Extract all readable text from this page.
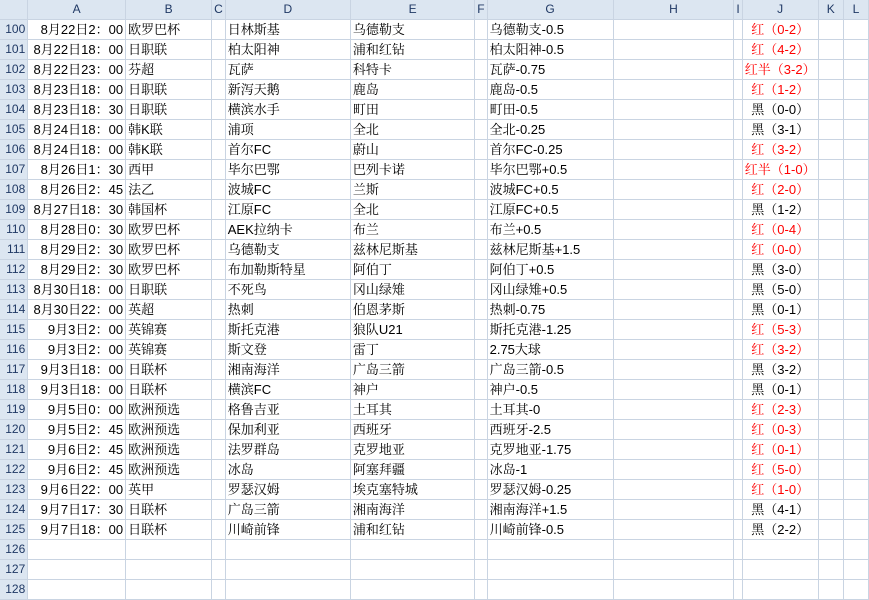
	A	B	C	D	E	F	G	H	I	J	K	L
100	8月22日2：00	欧罗巴杯		日林斯基	乌德勒支		乌德勒支-0.5			红（0-2）		
101	8月22日18：00	日职联		柏太阳神	浦和红钻		柏太阳神-0.5			红（4-2）		
102	8月22日23：00	芬超		瓦萨	科特卡		瓦萨-0.75			红半（3-2）		
103	8月23日18：00	日职联		新泻天鹅	鹿岛		鹿岛-0.5			红（1-2）		
104	8月23日18：30	日职联		横滨水手	町田		町田-0.5			黑（0-0）		
105	8月24日18：00	韩K联		浦项	全北		全北-0.25			黑（3-1）		
106	8月24日18：00	韩K联		首尔FC	蔚山		首尔FC-0.25			红（3-2）		
107	8月26日1：30	西甲		毕尔巴鄂	巴列卡诺		毕尔巴鄂+0.5			红半（1-0）		
108	8月26日2：45	法乙		波城FC	兰斯		波城FC+0.5			红（2-0）		
109	8月27日18：30	韩国杯		江原FC	全北		江原FC+0.5			黑（1-2）		
110	8月28日0：30	欧罗巴杯		AEK拉纳卡	布兰		布兰+0.5			红（0-4）		
111	8月29日2：30	欧罗巴杯		乌德勒支	兹林尼斯基		兹林尼斯基+1.5			红（0-0）		
112	8月29日2：30	欧罗巴杯		布加勒斯特星	阿伯丁		阿伯丁+0.5			黑（3-0）		
113	8月30日18：00	日职联		不死鸟	冈山绿雉		冈山绿雉+0.5			黑（5-0）		
114	8月30日22：00	英超		热刺	伯恩茅斯		热刺-0.75			黑（0-1）		
115	9月3日2：00	英锦赛		斯托克港	狼队U21		斯托克港-1.25			红（5-3）		
116	9月3日2：00	英锦赛		斯文登	雷丁		2.75大球			红（3-2）		
117	9月3日18：00	日联杯		湘南海洋	广岛三箭		广岛三箭-0.5			黑（3-2）		
118	9月3日18：00	日联杯		横滨FC	神户		神户-0.5			黑（0-1）		
119	9月5日0：00	欧洲预选		格鲁吉亚	土耳其		土耳其-0			红（2-3）		
120	9月5日2：45	欧洲预选		保加利亚	西班牙		西班牙-2.5			红（0-3）		
121	9月6日2：45	欧洲预选		法罗群岛	克罗地亚		克罗地亚-1.75			红（0-1）		
122	9月6日2：45	欧洲预选		冰岛	阿塞拜疆		冰岛-1			红（5-0）		
123	9月6日22：00	英甲		罗瑟汉姆	埃克塞特城		罗瑟汉姆-0.25			红（1-0）		
124	9月7日17：30	日联杯		广岛三箭	湘南海洋		湘南海洋+1.5			黑（4-1）		
125	9月7日18：00	日联杯		川崎前锋	浦和红钻		川崎前锋-0.5			黑（2-2）		
126												
127												
128												
